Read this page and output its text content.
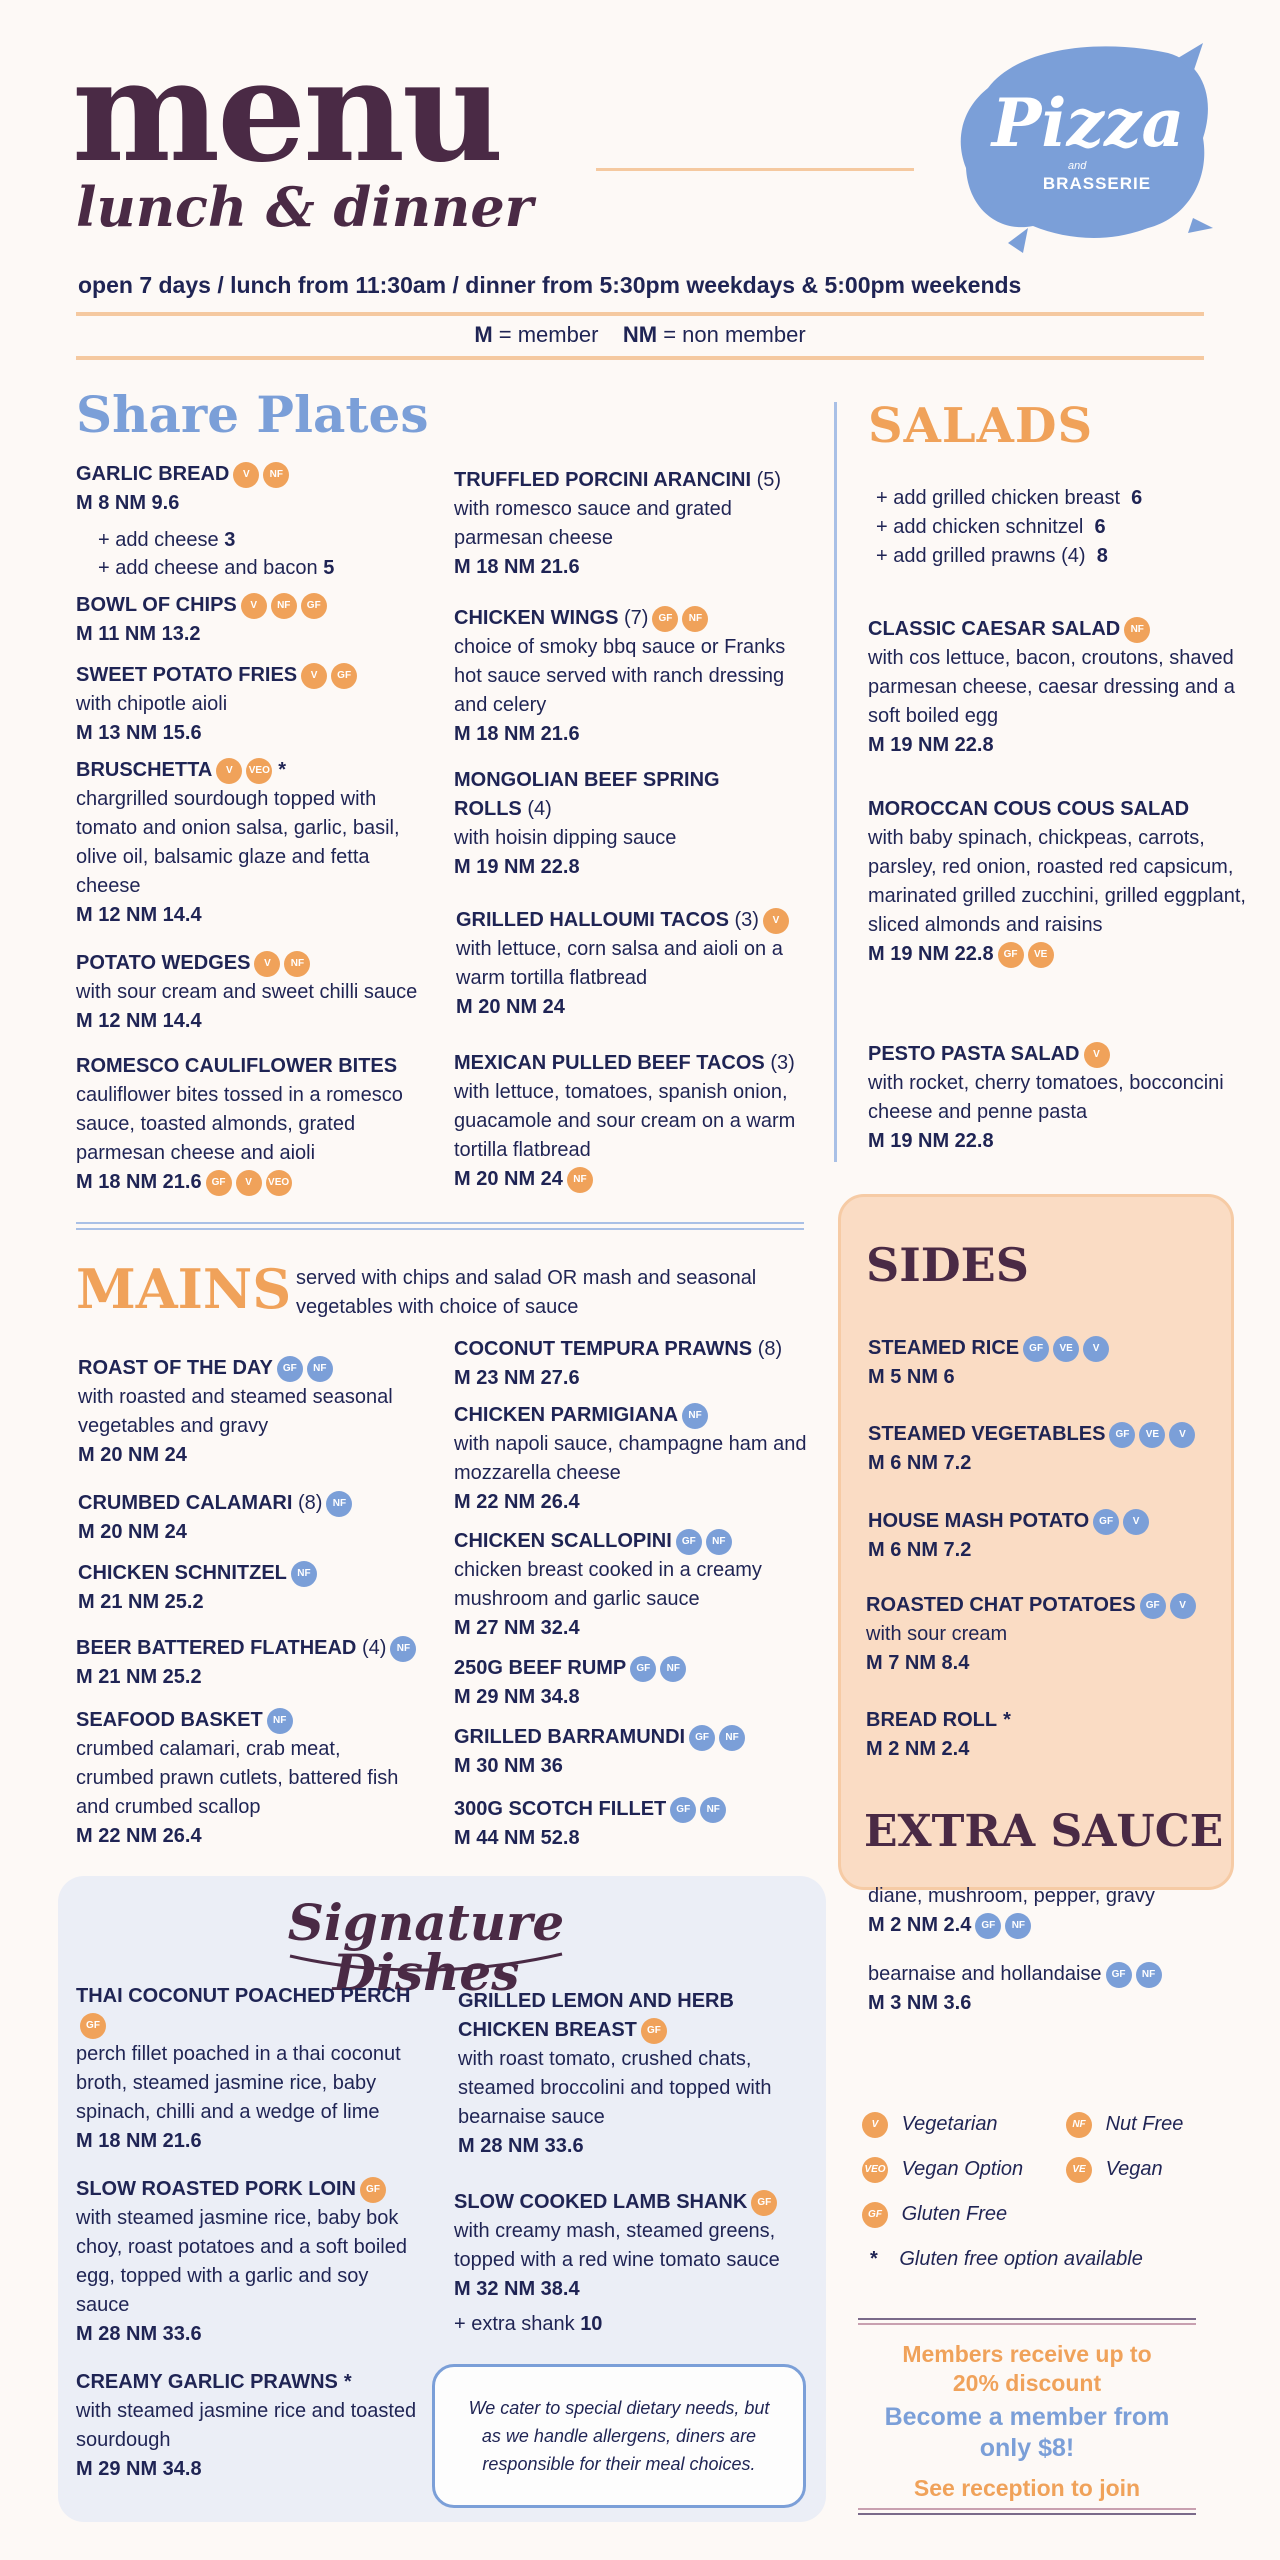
menu
lunch & dinner
Pizza
and
BRASSERIE
open 7 days / lunch from 11:30am / dinner from 5:30pm weekdays & 5:00pm weekends
M = member NM = non member
Share Plates
GARLIC BREAD V NF
M 8 NM 9.6
+ add cheese 3
+ add cheese and bacon 5
BOWL OF CHIPS V NF GF
M 11 NM 13.2
SWEET POTATO FRIES V GF
with chipotle aioli
M 13 NM 15.6
BRUSCHETTA V VEO *
chargrilled sourdough topped with tomato and onion salsa, garlic, basil, olive oil, balsamic glaze and fetta cheese
M 12 NM 14.4
POTATO WEDGES V NF
with sour cream and sweet chilli sauce
M 12 NM 14.4
ROMESCO CAULIFLOWER BITES
cauliflower bites tossed in a romesco sauce, toasted almonds, grated parmesan cheese and aioli
M 18 NM 21.6 GF V VEO
TRUFFLED PORCINI ARANCINI (5)
with romesco sauce and grated parmesan cheese
M 18 NM 21.6
CHICKEN WINGS (7) GF NF
choice of smoky bbq sauce or Franks hot sauce served with ranch dressing and celery
M 18 NM 21.6
MONGOLIAN BEEF SPRING ROLLS (4)
with hoisin dipping sauce
M 19 NM 22.8
GRILLED HALLOUMI TACOS (3) V
with lettuce, corn salsa and aioli on a warm tortilla flatbread
M 20 NM 24
MEXICAN PULLED BEEF TACOS (3)
with lettuce, tomatoes, spanish onion, guacamole and sour cream on a warm tortilla flatbread
M 20 NM 24 NF
SALADS
+ add grilled chicken breast 6
+ add chicken schnitzel 6
+ add grilled prawns (4) 8
CLASSIC CAESAR SALAD NF
with cos lettuce, bacon, croutons, shaved parmesan cheese, caesar dressing and a soft boiled egg
M 19 NM 22.8
MOROCCAN COUS COUS SALAD
with baby spinach, chickpeas, carrots, parsley, red onion, roasted red capsicum, marinated grilled zucchini, grilled eggplant, sliced almonds and raisins
M 19 NM 22.8 GF VE
PESTO PASTA SALAD V
with rocket, cherry tomatoes, bocconcini cheese and penne pasta
M 19 NM 22.8
MAINS served with chips and salad OR mash and seasonal vegetables with choice of sauce
ROAST OF THE DAY GF NF
with roasted and steamed seasonal vegetables and gravy
M 20 NM 24
CRUMBED CALAMARI (8) NF
M 20 NM 24
CHICKEN SCHNITZEL NF
M 21 NM 25.2
BEER BATTERED FLATHEAD (4) NF
M 21 NM 25.2
SEAFOOD BASKET NF
crumbed calamari, crab meat, crumbed prawn cutlets, battered fish and crumbed scallop
M 22 NM 26.4
COCONUT TEMPURA PRAWNS (8)
M 23 NM 27.6
CHICKEN PARMIGIANA NF
with napoli sauce, champagne ham and mozzarella cheese
M 22 NM 26.4
CHICKEN SCALLOPINI GF NF
chicken breast cooked in a creamy mushroom and garlic sauce
M 27 NM 32.4
250G BEEF RUMP GF NF
M 29 NM 34.8
GRILLED BARRAMUNDI GF NF
M 30 NM 36
300G SCOTCH FILLET GF NF
M 44 NM 52.8
Signature Dishes
THAI COCONUT POACHED PERCHGF
perch fillet poached in a thai coconut broth, steamed jasmine rice, baby spinach, chilli and a wedge of lime
M 18 NM 21.6
SLOW ROASTED PORK LOIN GF
with steamed jasmine rice, baby bok choy, roast potatoes and a soft boiled egg, topped with a garlic and soy sauce
M 28 NM 33.6
CREAMY GARLIC PRAWNS *
with steamed jasmine rice and toasted sourdough
M 29 NM 34.8
GRILLED LEMON AND HERB CHICKEN BREAST GF
with roast tomato, crushed chats, steamed broccolini and topped with bearnaise sauce
M 28 NM 33.6
SLOW COOKED LAMB SHANK GF
with creamy mash, steamed greens, topped with a red wine tomato sauce
M 32 NM 38.4
+ extra shank 10
We cater to special dietary needs, but as we handle allergens, diners are responsible for their meal choices.
SIDES
STEAMED RICE GF VE V
M 5 NM 6
STEAMED VEGETABLES GF VE V
M 6 NM 7.2
HOUSE MASH POTATO GF V
M 6 NM 7.2
ROASTED CHAT POTATOES GF V
with sour cream
M 7 NM 8.4
BREAD ROLL *
M 2 NM 2.4
EXTRA SAUCE
diane, mushroom, pepper, gravy
M 2 NM 2.4 GF NF
bearnaise and hollandaise GF NF
M 3 NM 3.6
V Vegetarian	NF Nut Free
VEO Vegan Option	VE Vegan
GF Gluten Free
* Gluten free option available
Members receive up to 20% discount
Become a member from only $8!
See reception to join
